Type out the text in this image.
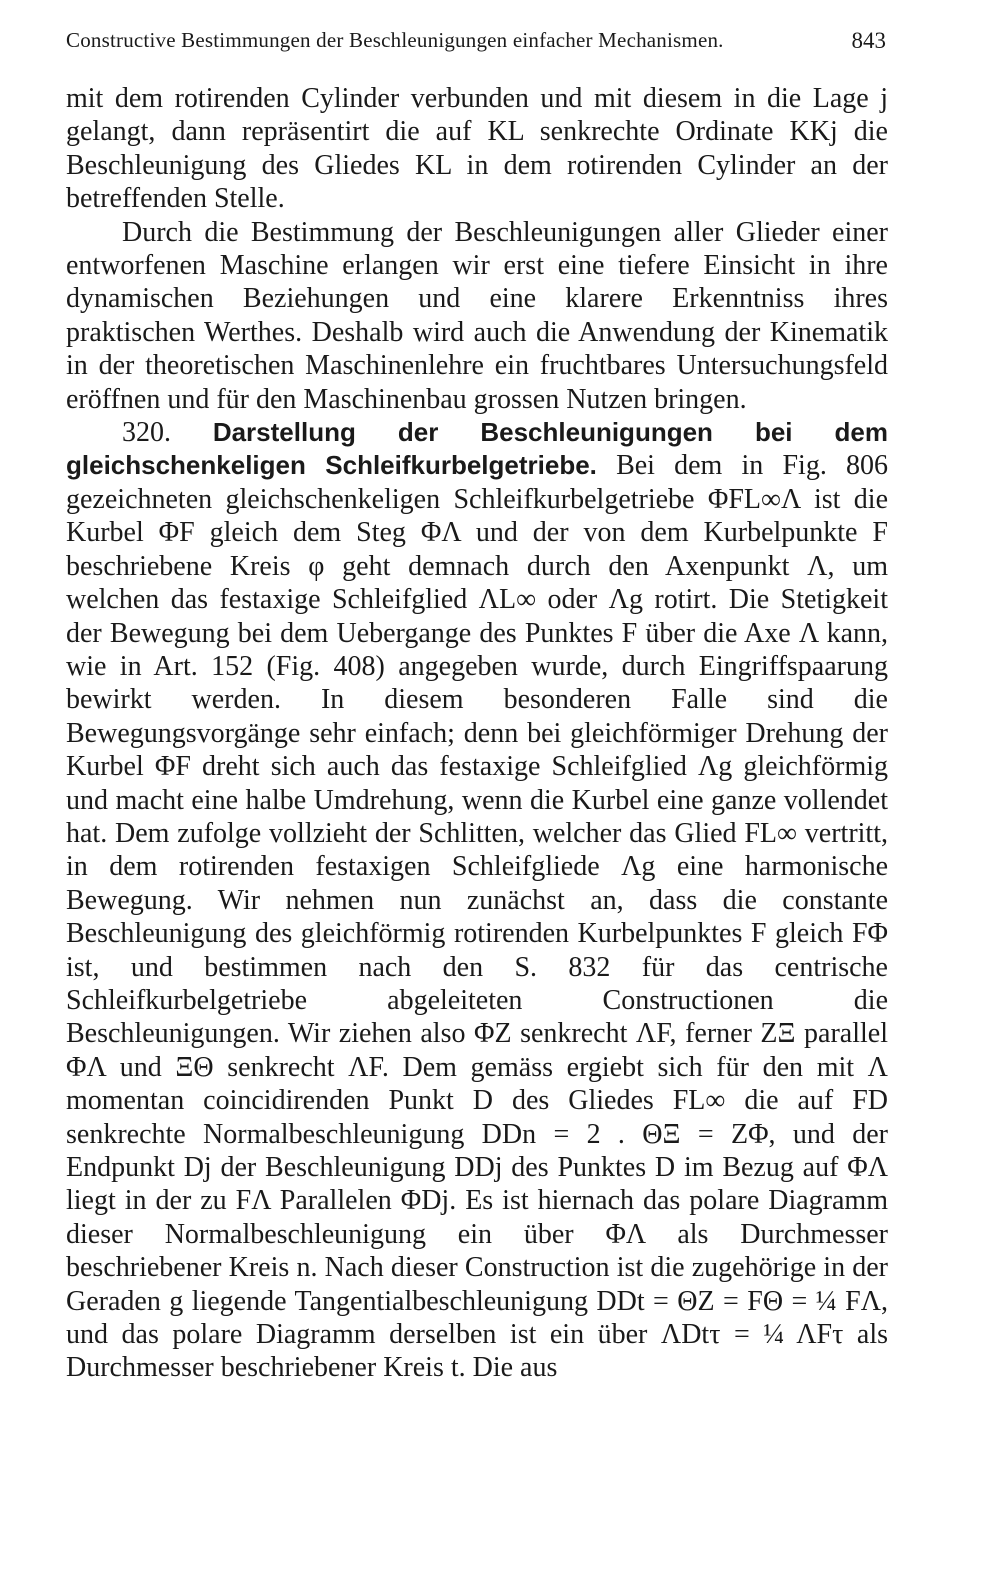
Constructive Bestimmungen der Beschleunigungen einfacher Mechanismen.	843

mit dem rotirenden Cylinder verbunden und mit diesem in die Lage j gelangt, dann repräsentirt die auf KL senkrechte Ordinate KKj die Beschleunigung des Gliedes KL in dem rotirenden Cylinder an der betreffenden Stelle.

Durch die Bestimmung der Beschleunigungen aller Glieder einer entworfenen Maschine erlangen wir erst eine tiefere Einsicht in ihre dynamischen Beziehungen und eine klarere Erkenntniss ihres praktischen Werthes. Deshalb wird auch die Anwendung der Kinematik in der theoretischen Maschinenlehre ein fruchtbares Untersuchungsfeld eröffnen und für den Maschinenbau grossen Nutzen bringen.

320. Darstellung der Beschleunigungen bei dem gleichschenkeligen Schleifkurbelgetriebe. Bei dem in Fig. 806 gezeichneten gleichschenkeligen Schleifkurbelgetriebe ΦFL∞Λ ist die Kurbel ΦF gleich dem Steg ΦΛ und der von dem Kurbelpunkte F beschriebene Kreis φ geht demnach durch den Axenpunkt Λ, um welchen das festaxige Schleifglied ΛL∞ oder Λg rotirt. Die Stetigkeit der Bewegung bei dem Uebergange des Punktes F über die Axe Λ kann, wie in Art. 152 (Fig. 408) angegeben wurde, durch Eingriffspaarung bewirkt werden. In diesem besonderen Falle sind die Bewegungsvorgänge sehr einfach; denn bei gleichförmiger Drehung der Kurbel ΦF dreht sich auch das festaxige Schleifglied Λg gleichförmig und macht eine halbe Umdrehung, wenn die Kurbel eine ganze vollendet hat. Dem zufolge vollzieht der Schlitten, welcher das Glied FL∞ vertritt, in dem rotirenden festaxigen Schleifgliede Λg eine harmonische Bewegung. Wir nehmen nun zunächst an, dass die constante Beschleunigung des gleichförmig rotirenden Kurbelpunktes F gleich FΦ ist, und bestimmen nach den S. 832 für das centrische Schleifkurbelgetriebe abgeleiteten Constructionen die Beschleunigungen. Wir ziehen also ΦZ senkrecht ΛF, ferner ZΞ parallel ΦΛ und ΞΘ senkrecht ΛF. Dem gemäss ergiebt sich für den mit Λ momentan coincidirenden Punkt D des Gliedes FL∞ die auf FD senkrechte Normalbeschleunigung DDn = 2 . ΘΞ = ZΦ, und der Endpunkt Dj der Beschleunigung DDj des Punktes D im Bezug auf ΦΛ liegt in der zu FΛ Parallelen ΦDj. Es ist hiernach das polare Diagramm dieser Normalbeschleunigung ein über ΦΛ als Durchmesser beschriebener Kreis n. Nach dieser Construction ist die zugehörige in der Geraden g liegende Tangentialbeschleunigung DDt = ΘZ = FΘ = ¼ FΛ, und das polare Diagramm derselben ist ein über ΛDtτ = ¼ ΛFτ als Durchmesser beschriebener Kreis t. Die aus
